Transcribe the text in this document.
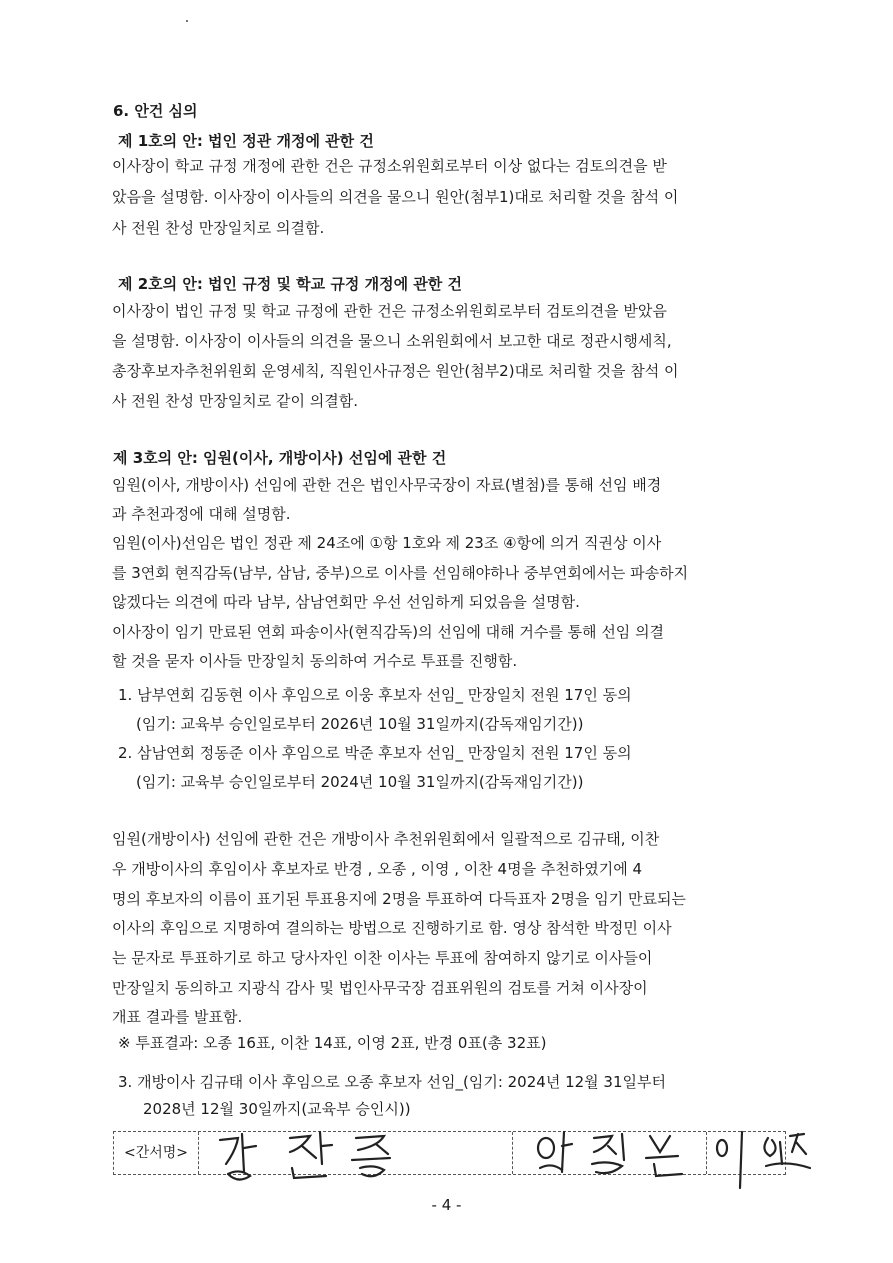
6. 안건 심의
제 1호의 안: 법인 정관 개정에 관한 건
이사장이 학교 규정 개정에 관한 건은 규정소위원회로부터 이상 없다는 검토의견을 받
았음을 설명함. 이사장이 이사들의 의견을 물으니 원안(첨부1)대로 처리할 것을 참석 이
사 전원 찬성 만장일치로 의결함.
제 2호의 안: 법인 규정 및 학교 규정 개정에 관한 건
이사장이 법인 규정 및 학교 규정에 관한 건은 규정소위원회로부터 검토의견을 받았음
을 설명함. 이사장이 이사들의 의견을 물으니 소위원회에서 보고한 대로 정관시행세칙,
총장후보자추천위원회 운영세칙, 직원인사규정은 원안(첨부2)대로 처리할 것을 참석 이
사 전원 찬성 만장일치로 같이 의결함.
제 3호의 안: 임원(이사, 개방이사) 선임에 관한 건
임원(이사, 개방이사) 선임에 관한 건은 법인사무국장이 자료(별첨)를 통해 선임 배경
과 추천과정에 대해 설명함.
임원(이사)선임은 법인 정관 제 24조에 ①항 1호와 제 23조 ④항에 의거 직권상 이사
를 3연회 현직감독(남부, 삼남, 중부)으로 이사를 선임해야하나 중부연회에서는 파송하지
않겠다는 의견에 따라 남부, 삼남연회만 우선 선임하게 되었음을 설명함.
이사장이 임기 만료된 연회 파송이사(현직감독)의 선임에 대해 거수를 통해 선임 의결
할 것을 묻자 이사들 만장일치 동의하여 거수로 투표를 진행함.
1. 남부연회 김동현 이사 후임으로 이웅 후보자 선임_ 만장일치 전원 17인 동의
(임기: 교육부 승인일로부터 2026년 10월 31일까지(감독재임기간))
2. 삼남연회 정동준 이사 후임으로 박준 후보자 선임_ 만장일치 전원 17인 동의
(임기: 교육부 승인일로부터 2024년 10월 31일까지(감독재임기간))
임원(개방이사) 선임에 관한 건은 개방이사 추천위원회에서 일괄적으로 김규태, 이찬
우 개방이사의 후임이사 후보자로 반경 , 오종 , 이영 , 이찬 4명을 추천하였기에 4
명의 후보자의 이름이 표기된 투표용지에 2명을 투표하여 다득표자 2명을 임기 만료되는
이사의 후임으로 지명하여 결의하는 방법으로 진행하기로 함. 영상 참석한 박정민 이사
는 문자로 투표하기로 하고 당사자인 이찬 이사는 투표에 참여하지 않기로 이사들이
만장일치 동의하고 지광식 감사 및 법인사무국장 검표위원의 검토를 거쳐 이사장이
개표 결과를 발표함.
※ 투표결과: 오종 16표, 이찬 14표, 이영 2표, 반경 0표(총 32표)
3. 개방이사 김규태 이사 후임으로 오종 후보자 선임_(임기: 2024년 12월 31일부터
2028년 12월 30일까지(교육부 승인시))
<간서명>
- 4 -
